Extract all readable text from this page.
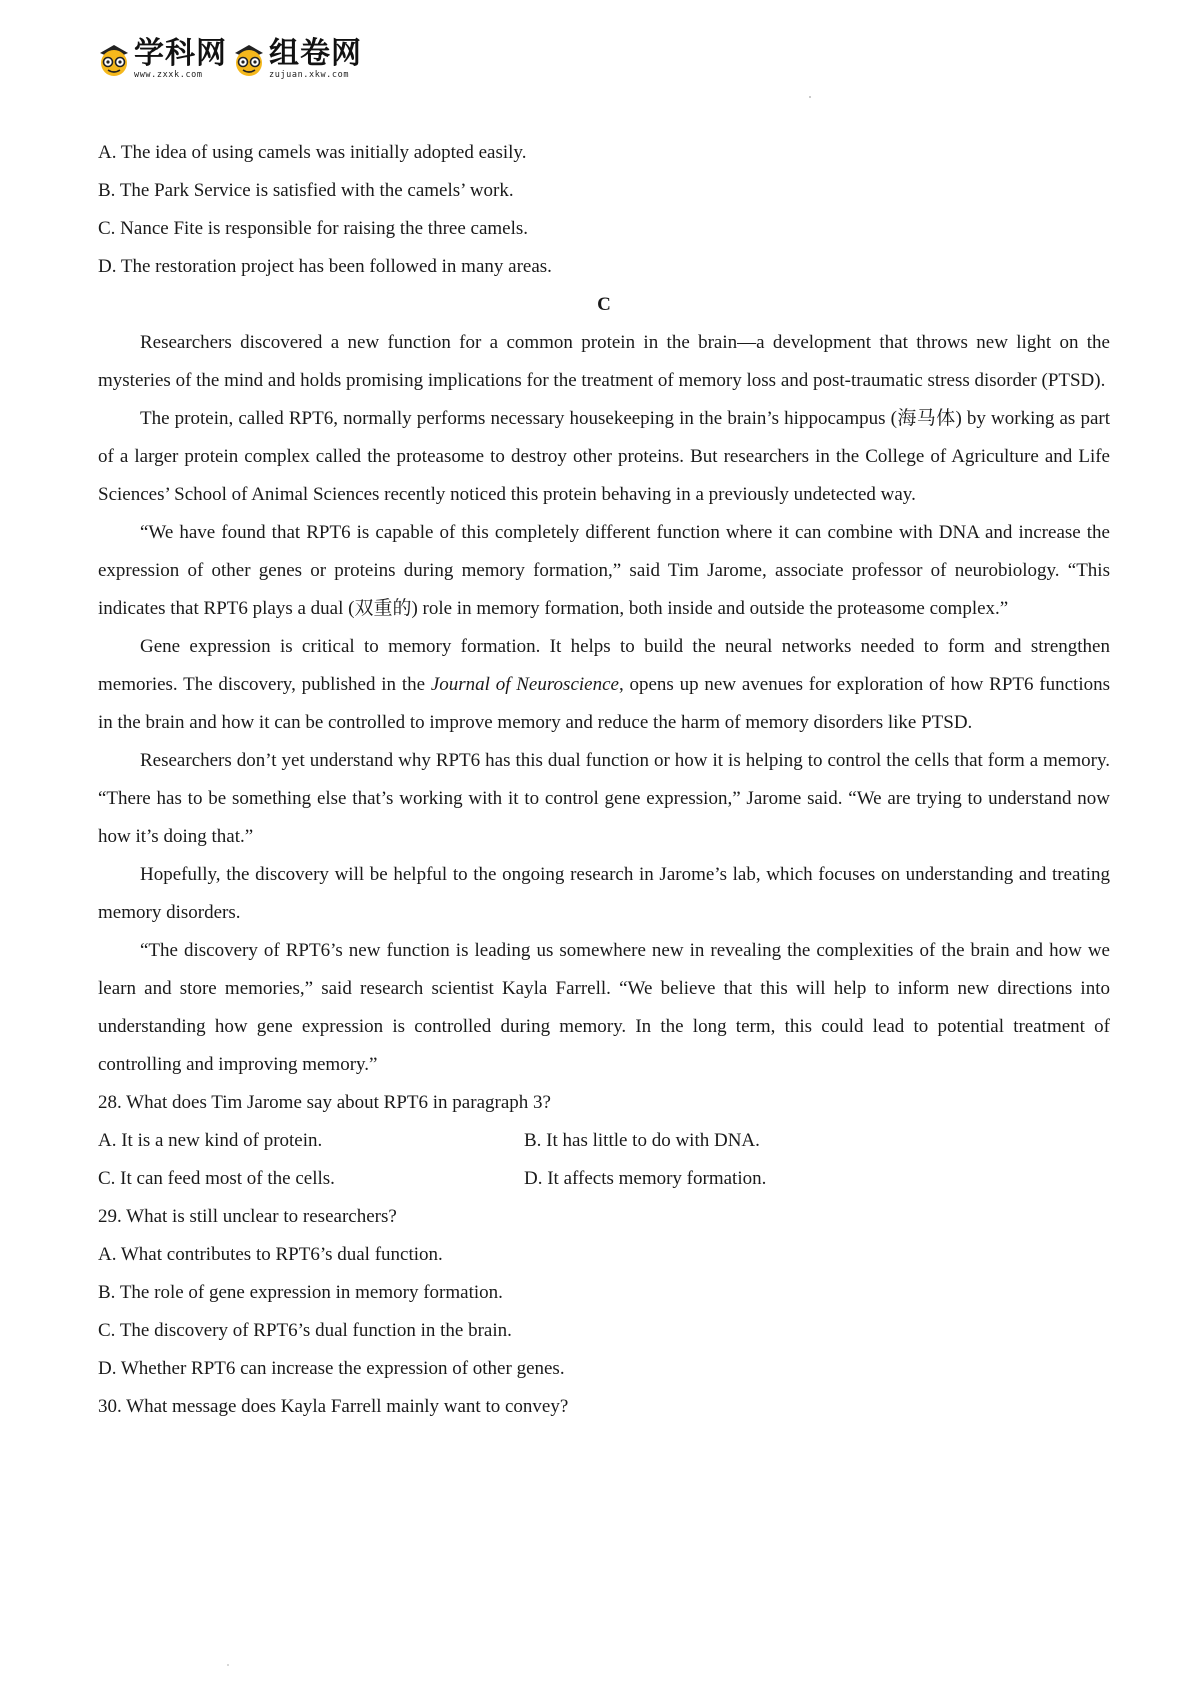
学科网
www.zxxk.com
组卷网
zujuan.xkw.com

A. The idea of using camels was initially adopted easily.

B. The Park Service is satisfied with the camels’ work.

C. Nance Fite is responsible for raising the three camels.

D. The restoration project has been followed in many areas.

C

Researchers discovered a new function for a common protein in the brain—a development that throws new light on the mysteries of the mind and holds promising implications for the treatment of memory loss and post-traumatic stress disorder (PTSD).

The protein, called RPT6, normally performs necessary housekeeping in the brain’s hippocampus (海马体) by working as part of a larger protein complex called the proteasome to destroy other proteins. But researchers in the College of Agriculture and Life Sciences’ School of Animal Sciences recently noticed this protein behaving in a previously undetected way.

“We have found that RPT6 is capable of this completely different function where it can combine with DNA and increase the expression of other genes or proteins during memory formation,” said Tim Jarome, associate professor of neurobiology. “This indicates that RPT6 plays a dual (双重的) role in memory formation, both inside and outside the proteasome complex.”

Gene expression is critical to memory formation. It helps to build the neural networks needed to form and strengthen memories. The discovery, published in the Journal of Neuroscience, opens up new avenues for exploration of how RPT6 functions in the brain and how it can be controlled to improve memory and reduce the harm of memory disorders like PTSD.

Researchers don’t yet understand why RPT6 has this dual function or how it is helping to control the cells that form a memory. “There has to be something else that’s working with it to control gene expression,” Jarome said. “We are trying to understand now how it’s doing that.”

Hopefully, the discovery will be helpful to the ongoing research in Jarome’s lab, which focuses on understanding and treating memory disorders.

“The discovery of RPT6’s new function is leading us somewhere new in revealing the complexities of the brain and how we learn and store memories,” said research scientist Kayla Farrell. “We believe that this will help to inform new directions into understanding how gene expression is controlled during memory. In the long term, this could lead to potential treatment of controlling and improving memory.”

28. What does Tim Jarome say about RPT6 in paragraph 3?

A. It is a new kind of protein.	B. It has little to do with DNA.
C. It can feed most of the cells.	D. It affects memory formation.

29. What is still unclear to researchers?

A. What contributes to RPT6’s dual function.

B. The role of gene expression in memory formation.

C. The discovery of RPT6’s dual function in the brain.

D. Whether RPT6 can increase the expression of other genes.

30. What message does Kayla Farrell mainly want to convey?
